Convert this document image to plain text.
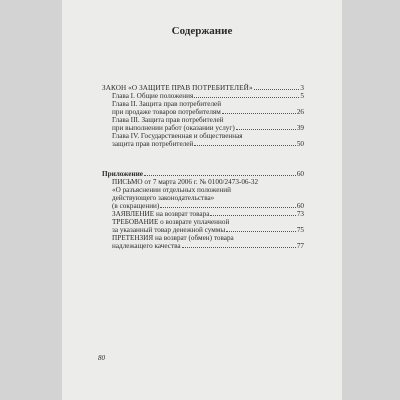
Содержание
ЗАКОН «О ЗАЩИТЕ ПРАВ ПОТРЕБИТЕЛЕЙ»	3
Глава I. Общие положения	5
Глава II. Защита прав потребителей
при продаже товаров потребителям	26
Глава III. Защита прав потребителей
при выполнении работ (оказании услуг)	39
Глава IV. Государственная и общественная
защита прав потребителей	50
Приложение	60
ПИСЬМО от 7 марта 2006 г. № 0100/2473-06-32
«О разъяснении отдельных положений
действующего законодательства»
(в сокращении)	60
ЗАЯВЛЕНИЕ на возврат товара	73
ТРЕБОВАНИЕ о возврате уплаченной
за указанный товар денежной суммы	75
ПРЕТЕНЗИЯ на возврат (обмен) товара
надлежащего качества	77
80
